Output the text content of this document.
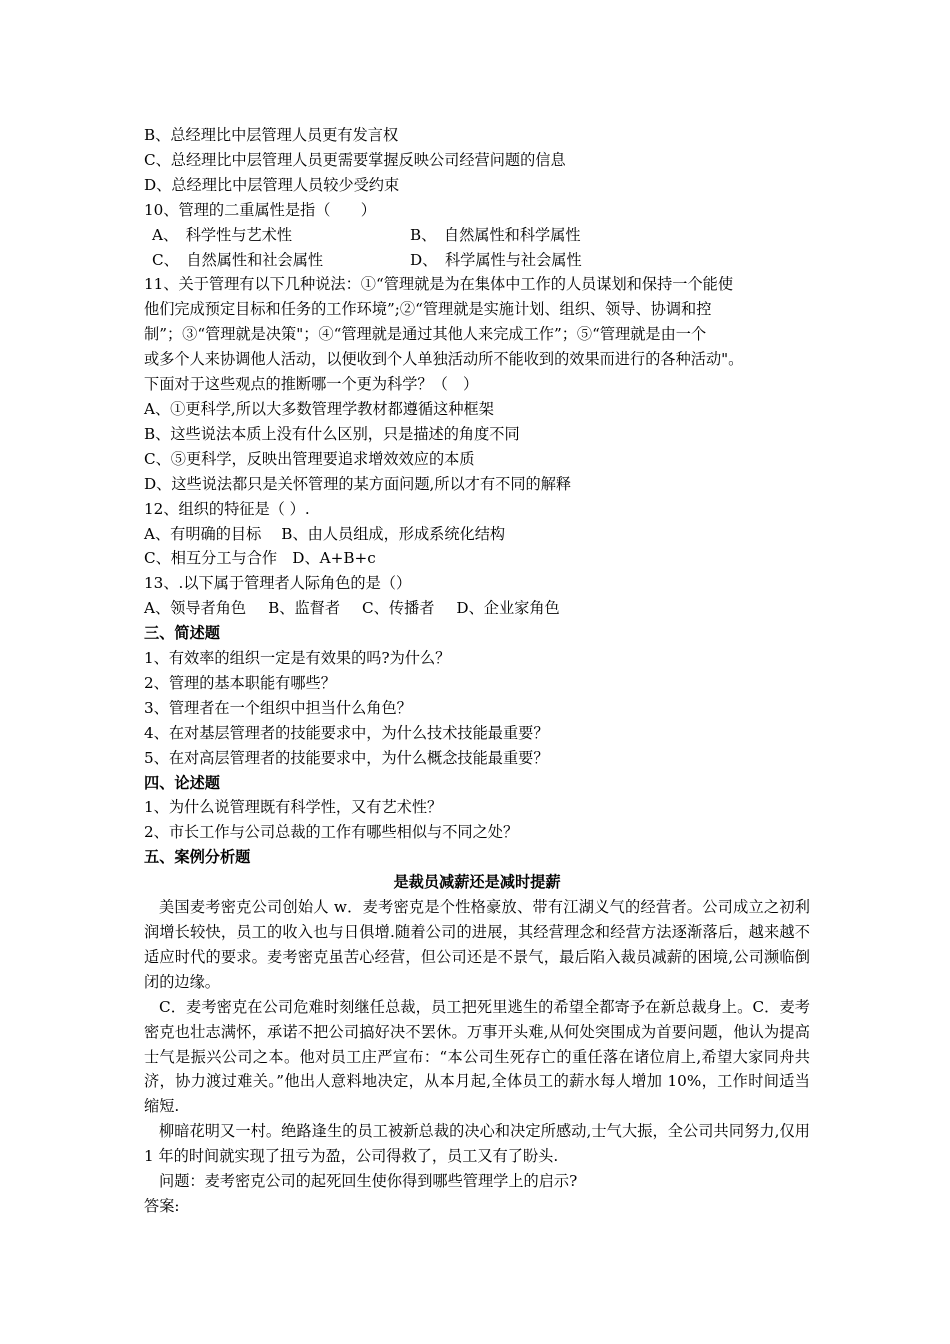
B、总经理比中层管理人员更有发言权
C、总经理比中层管理人员更需要掌握反映公司经营问题的信息
D、总经理比中层管理人员较少受约束
10、管理的二重属性是指（　　）
A、　科学性与艺术性	B、　自然属性和科学属性
C、　自然属性和社会属性	D、　科学属性与社会属性
11、关于管理有以下几种说法：①“管理就是为在集体中工作的人员谋划和保持一个能使
他们完成预定目标和任务的工作环境”;②“管理就是实施计划、组织、领导、协调和控
制”；③“管理就是决策"；④“管理就是通过其他人来完成工作”；⑤“管理就是由一个
或多个人来协调他人活动，以便收到个人单独活动所不能收到的效果而进行的各种活动"。
下面对于这些观点的推断哪一个更为科学？（　）
A、①更科学,所以大多数管理学教材都遵循这种框架
B、这些说法本质上没有什么区别，只是描述的角度不同
C、⑤更科学，反映出管理要追求增效效应的本质
D、这些说法都只是关怀管理的某方面问题,所以才有不同的解释
12、组织的特征是（ ）.
A、有明确的目标　 B、由人员组成，形成系统化结构
C、相互分工与合作　D、A+B+c
13、.以下属于管理者人际角色的是（）
A、领导者角色 B、监督者 C、传播者 D、企业家角色
三、简述题
1、有效率的组织一定是有效果的吗?为什么？
2、管理的基本职能有哪些？
3、管理者在一个组织中担当什么角色？
4、在对基层管理者的技能要求中，为什么技术技能最重要？
5、在对高层管理者的技能要求中，为什么概念技能最重要？
四、论述题
1、为什么说管理既有科学性，又有艺术性？
2、市长工作与公司总裁的工作有哪些相似与不同之处？
五、案例分析题
是裁员减薪还是减时提薪
美国麦考密克公司创始人 w．麦考密克是个性格豪放、带有江湖义气的经营者。公司成立之初利润增长较快，员工的收入也与日俱增.随着公司的进展，其经营理念和经营方法逐渐落后，越来越不适应时代的要求。麦考密克虽苦心经营，但公司还是不景气，最后陷入裁员减薪的困境,公司濒临倒闭的边缘。
C．麦考密克在公司危难时刻继任总裁，员工把死里逃生的希望全都寄予在新总裁身上。C．麦考密克也壮志满怀，承诺不把公司搞好决不罢休。万事开头难,从何处突围成为首要问题，他认为提高士气是振兴公司之本。他对员工庄严宣布：“本公司生死存亡的重任落在诸位肩上,希望大家同舟共济，协力渡过难关。”他出人意料地决定，从本月起,全体员工的薪水每人增加 10%，工作时间适当缩短.
柳暗花明又一村。绝路逢生的员工被新总裁的决心和决定所感动,士气大振，全公司共同努力,仅用 1 年的时间就实现了扭亏为盈，公司得救了，员工又有了盼头.
问题：麦考密克公司的起死回生使你得到哪些管理学上的启示?
答案:
